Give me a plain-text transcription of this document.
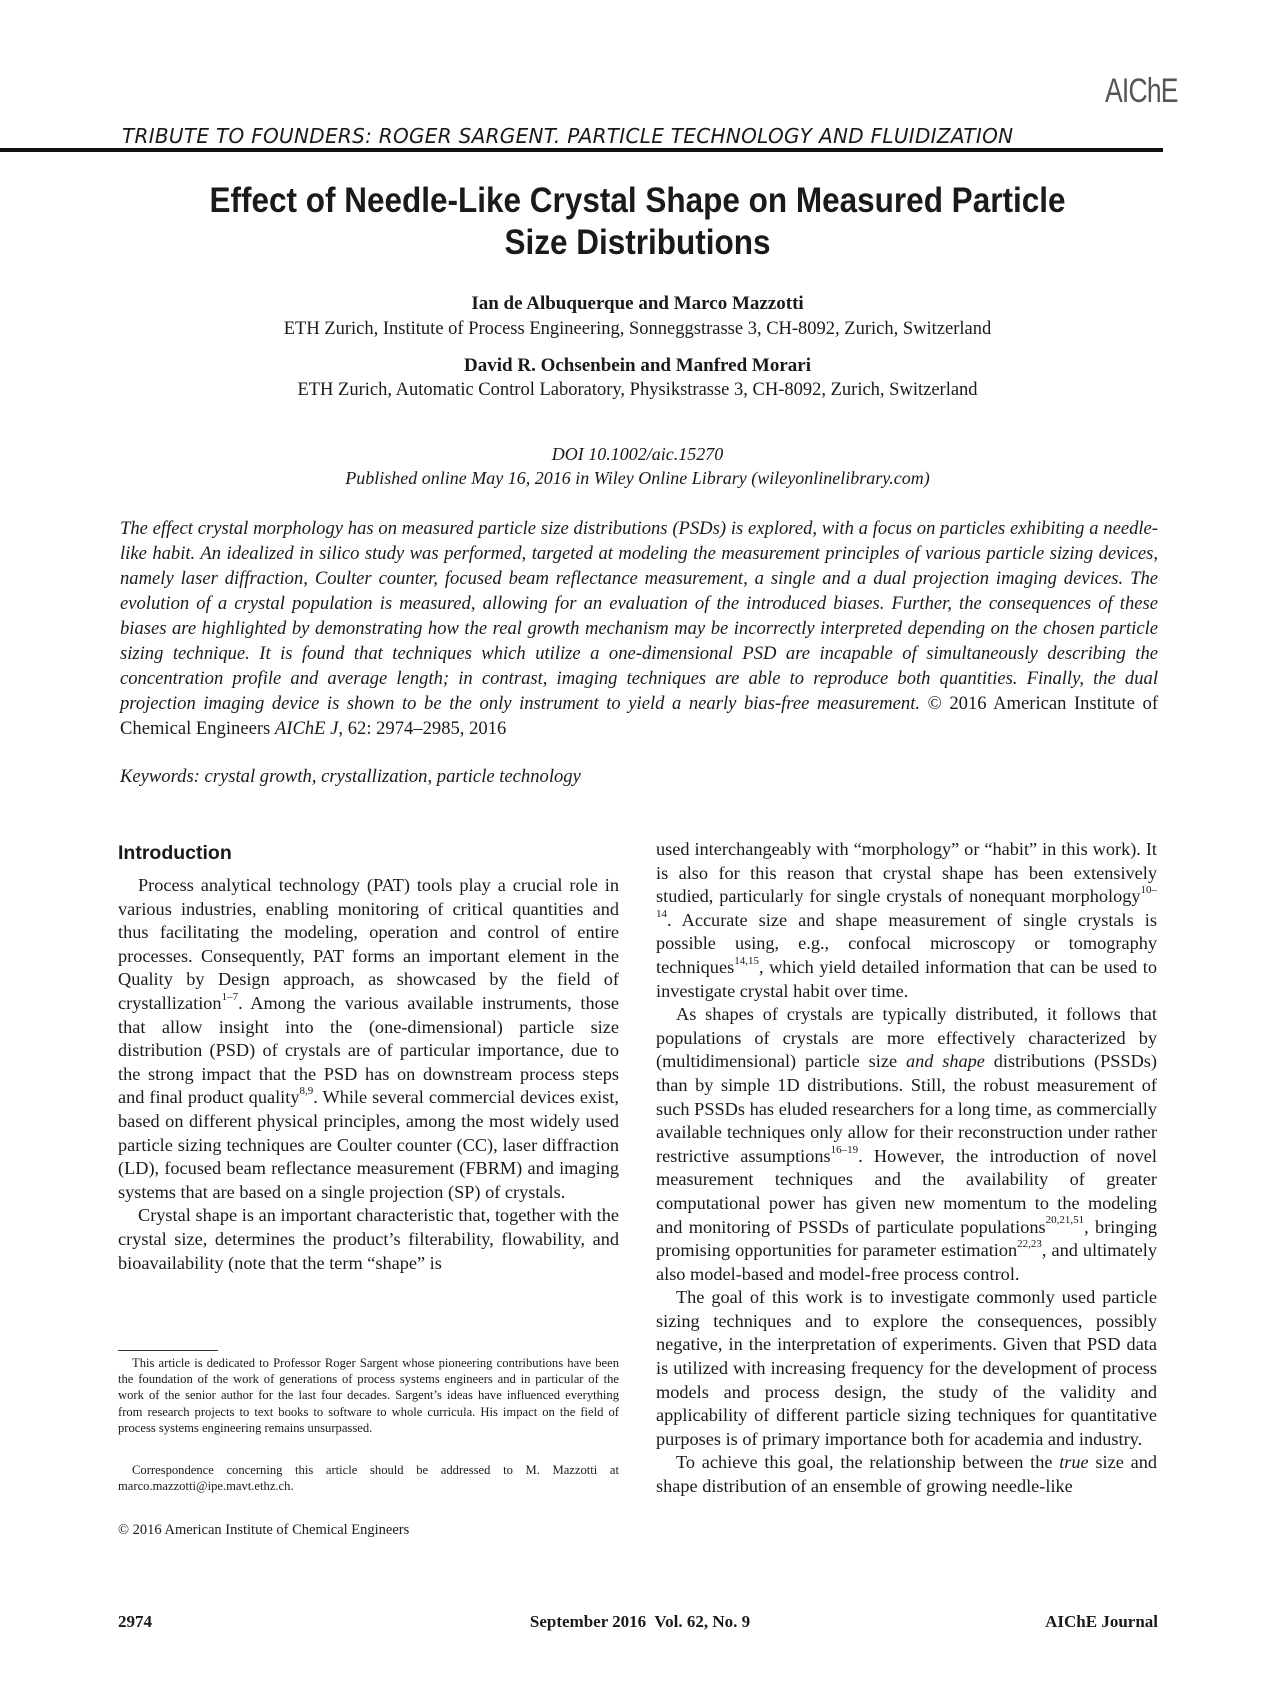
AIChE
TRIBUTE TO FOUNDERS: ROGER SARGENT. PARTICLE TECHNOLOGY AND FLUIDIZATION
Effect of Needle-Like Crystal Shape on Measured Particle
Size Distributions
Ian de Albuquerque and Marco Mazzotti
ETH Zurich, Institute of Process Engineering, Sonneggstrasse 3, CH-8092, Zurich, Switzerland
David R. Ochsenbein and Manfred Morari
ETH Zurich, Automatic Control Laboratory, Physikstrasse 3, CH-8092, Zurich, Switzerland
DOI 10.1002/aic.15270
Published online May 16, 2016 in Wiley Online Library (wileyonlinelibrary.com)
The effect crystal morphology has on measured particle size distributions (PSDs) is explored, with a focus on particles exhibiting a needle-like habit. An idealized in silico study was performed, targeted at modeling the measurement principles of various particle sizing devices, namely laser diffraction, Coulter counter, focused beam reflectance measurement, a single and a dual projection imaging devices. The evolution of a crystal population is measured, allowing for an evaluation of the introduced biases. Further, the consequences of these biases are highlighted by demonstrating how the real growth mechanism may be incorrectly interpreted depending on the chosen particle sizing technique. It is found that techniques which utilize a one-dimensional PSD are incapable of simultaneously describing the concentration profile and average length; in contrast, imaging techniques are able to reproduce both quantities. Finally, the dual projection imaging device is shown to be the only instrument to yield a nearly bias-free measurement. © 2016 American Institute of Chemical Engineers AIChE J, 62: 2974–2985, 2016
Keywords: crystal growth, crystallization, particle technology
Introduction

Process analytical technology (PAT) tools play a crucial role in various industries, enabling monitoring of critical quantities and thus facilitating the modeling, operation and control of entire processes. Consequently, PAT forms an important element in the Quality by Design approach, as showcased by the field of crystallization$^{1-7}$. Among the various available instruments, those that allow insight into the (one-dimensional) particle size distribution (PSD) of crystals are of particular importance, due to the strong impact that the PSD has on downstream process steps and final product quality$^{8,9}$. While several commercial devices exist, based on different physical principles, among the most widely used particle sizing techniques are Coulter counter (CC), laser diffraction (LD), focused beam reflectance measurement (FBRM) and imaging systems that are based on a single projection (SP) of crystals.

Crystal shape is an important characteristic that, together with the crystal size, determines the product’s filterability, flowability, and bioavailability (note that the term “shape” is

This article is dedicated to Professor Roger Sargent whose pioneering contributions have been the foundation of the work of generations of process systems engineers and in particular of the work of the senior author for the last four decades. Sargent’s ideas have influenced everything from research projects to text books to software to whole curricula. His impact on the field of process systems engineering remains unsurpassed.

Correspondence concerning this article should be addressed to M. Mazzotti at marco.mazzotti@ipe.mavt.ethz.ch.

© 2016 American Institute of Chemical Engineers

used interchangeably with “morphology” or “habit” in this work). It is also for this reason that crystal shape has been extensively studied, particularly for single crystals of nonequant morphology$^{10-14}$. Accurate size and shape measurement of single crystals is possible using, e.g., confocal microscopy or tomography techniques$^{14,15}$, which yield detailed information that can be used to investigate crystal habit over time.

As shapes of crystals are typically distributed, it follows that populations of crystals are more effectively characterized by (multidimensional) particle size and shape distributions (PSSDs) than by simple 1D distributions. Still, the robust measurement of such PSSDs has eluded researchers for a long time, as commercially available techniques only allow for their reconstruction under rather restrictive assumptions$^{16-19}$. However, the introduction of novel measurement techniques and the availability of greater computational power has given new momentum to the modeling and monitoring of PSSDs of particulate populations$^{20,21,51}$, bringing promising opportunities for parameter estimation$^{22,23}$, and ultimately also model-based and model-free process control.

The goal of this work is to investigate commonly used particle sizing techniques and to explore the consequences, possibly negative, in the interpretation of experiments. Given that PSD data is utilized with increasing frequency for the development of process models and process design, the study of the validity and applicability of different particle sizing techniques for quantitative purposes is of primary importance both for academia and industry.

To achieve this goal, the relationship between the true size and shape distribution of an ensemble of growing needle-like

2974	September 2016  Vol. 62, No. 9	AIChE Journal
